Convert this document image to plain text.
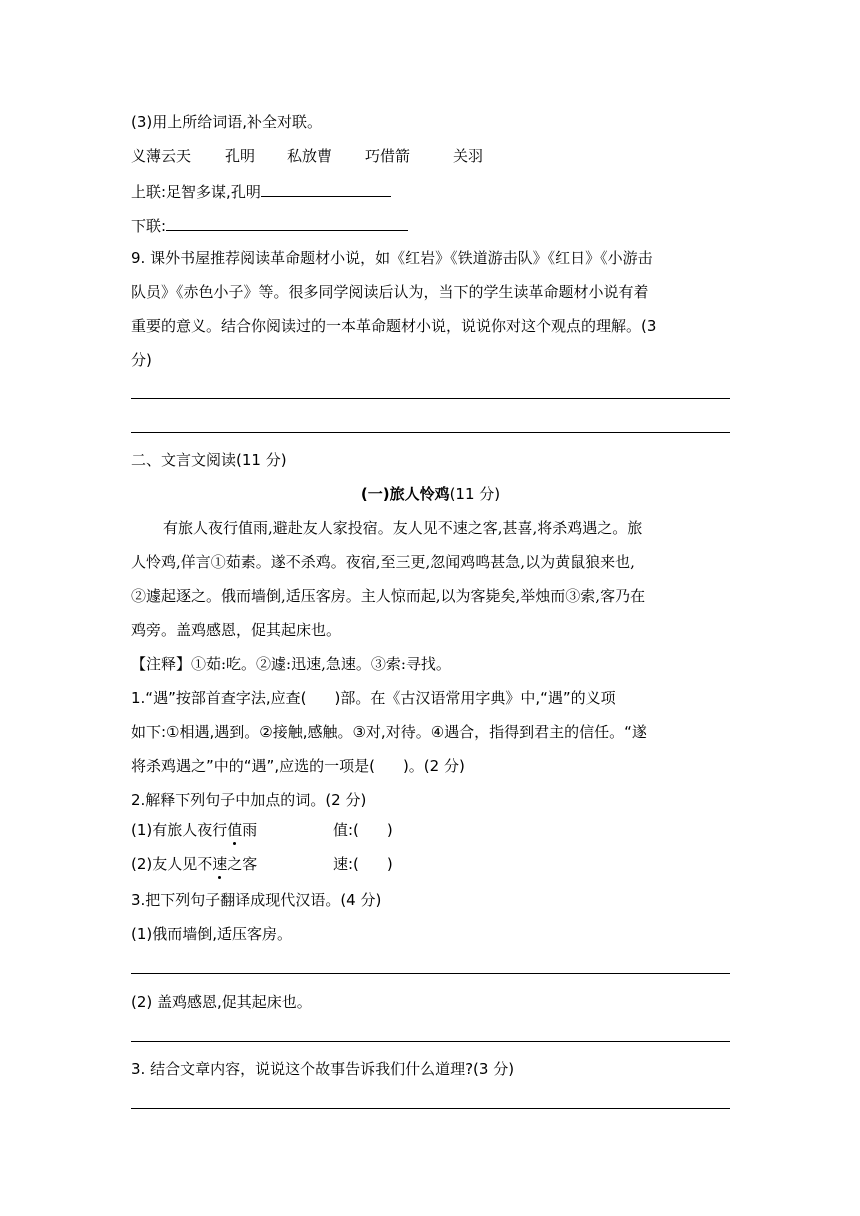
(3)用上所给词语,补全对联。
义薄云天 孔明 私放曹 巧借箭	关羽
上联:足智多谋,孔明
下联:
9. 课外书屋推荐阅读革命题材小说，如《红岩》《铁道游击队》《红日》《小游击
队员》《赤色小子》等。很多同学阅读后认为，当下的学生读革命题材小说有着
重要的意义。结合你阅读过的一本革命题材小说，说说你对这个观点的理解。(3
分)
二、文言文阅读(11 分)
(一)旅人怜鸡(11 分)
有旅人夜行值雨,避赴友人家投宿。友人见不速之客,甚喜,将杀鸡遇之。旅
人怜鸡,佯言①茹素。遂不杀鸡。夜宿,至三更,忽闻鸡鸣甚急,以为黄鼠狼来也,
②遽起逐之。俄而墙倒,适压客房。主人惊而起,以为客毙矣,举烛而③索,客乃在
鸡旁。盖鸡感恩，促其起床也。
【注释】①茹:吃。②遽:迅速,急速。③索:寻找。
1.“遇”按部首查字法,应查( )部。在《古汉语常用字典》中,“遇”的义项
如下:①相遇,遇到。②接触,感触。③对,对待。④遇合，指得到君主的信任。“遂
将杀鸡遇之”中的“遇”,应选的一项是( )。(2 分)
2.解释下列句子中加点的词。(2 分)
(1)有旅人夜行值雨	值:( )
(2)友人见不速之客	速:( )
3.把下列句子翻译成现代汉语。(4 分)
(1)俄而墙倒,适压客房。
(2) 盖鸡感恩,促其起床也。
3. 结合文章内容，说说这个故事告诉我们什么道理?(3 分)
